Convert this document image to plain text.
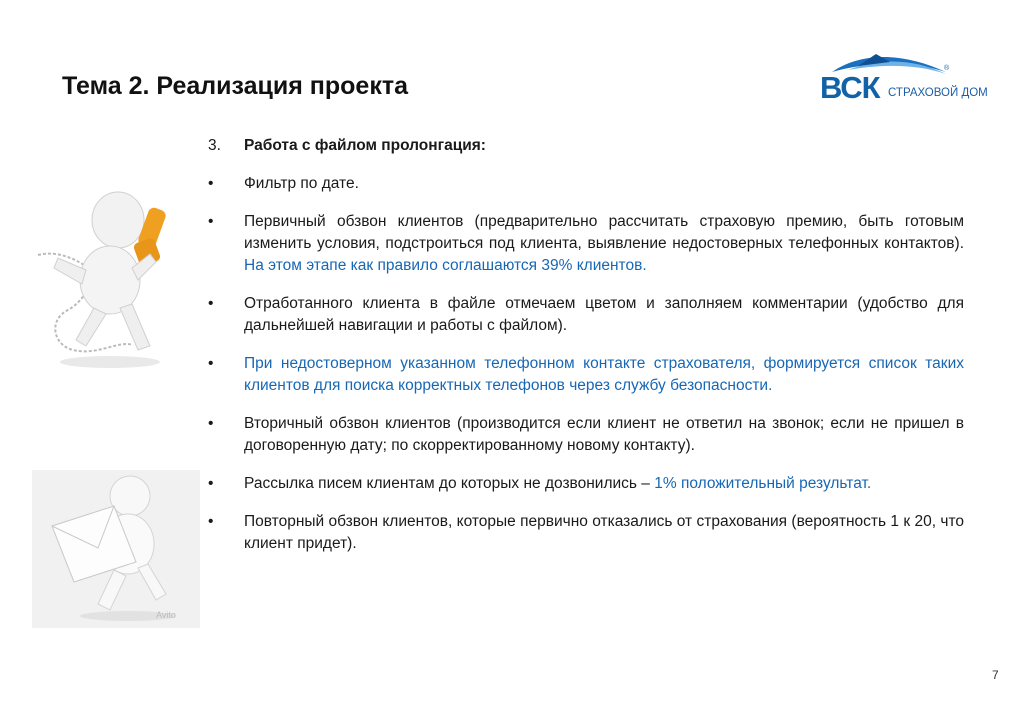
Тема 2. Реализация проекта	ВСК
®
СТРАХОВОЙ ДОМ
Avito
3. Работа с файлом пролонгация:
• Фильтр по дате.
• Первичный обзвон клиентов (предварительно рассчитать страховую премию, быть готовым изменить условия, подстроиться под клиента, выявление недостоверных телефонных контактов). На этом этапе как правило соглашаются 39% клиентов.
• Отработанного клиента в файле отмечаем цветом и заполняем комментарии (удобство для дальнейшей навигации и работы с файлом).
• При недостоверном указанном телефонном контакте страхователя, формируется список таких клиентов для поиска корректных телефонов через службу безопасности.
• Вторичный обзвон клиентов (производится если клиент не ответил на звонок; если не пришел в договоренную дату; по скорректированному новому контакту).
• Рассылка писем клиентам до которых не дозвонились – 1% положительный результат.
• Повторный обзвон клиентов, которые первично отказались от страхования (вероятность 1 к 20, что клиент придет).
7
